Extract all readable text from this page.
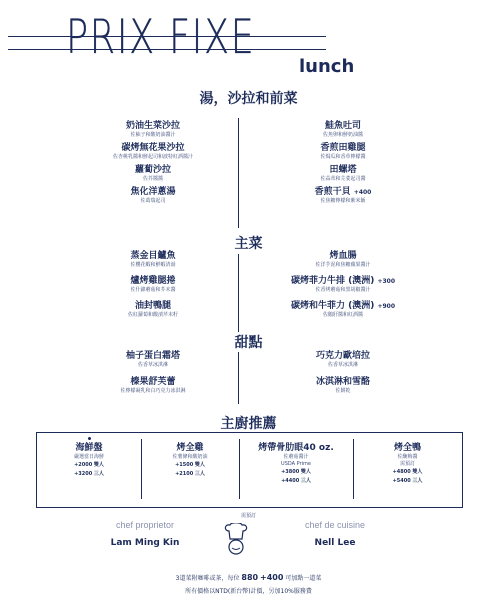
PRIX FIXE
lunch
湯，沙拉和前菜
奶油生菜沙拉
佐柚子和酸奶油醬汁
碳烤無花果沙拉
佐杏桃乳醬和鮮起司和波特紅酒醬汁
蘿蔔沙拉
佐芥醬醬
焦化洋蔥湯
佐葛瑞起司
鮭魚吐司
佐魚卵和鮮奶油醬
香煎田雞腿
佐焗瓜和香草檸檬醬
田螺塔
佐蒜茸和芫荽起司醬
香煎干貝 +400
佐焦糖檸檬和紫米飯
主菜
蒸金目鱸魚
佐櫻花蝦和鮮蝦清湯
爐烤雞腿捲
佐什錦蘑菇和芥末醬
油封鴨腿
佐紅蘿蔔和酸漬芹末籽
烤血腸
佐洋芋泥和焦糖蘋果醬汁
碳烤菲力牛排 (澳洲) +300
佐香烤蘑菇和黑胡椒醬汁
碳烤和牛菲力 (澳洲) +900
佐鵝肝醬和紅酒醬
甜點
柚子蛋白霜塔
佐香草冰淇淋
榛果舒芙蕾
佐檸檬凝乳和白巧克力冰淇淋
巧克力歐培拉
佐香草冰淇淋
冰淇淋和雪酪
佐餅乾
主廚推薦
海鮮盤
嚴選當日海鮮
+2000 雙人
+3200 三人
烤全雞
佐薯條和酸奶油
+1500 雙人
+2100 三人
烤帶骨肋眼40 oz.
佐蘑菇醬汁
USDA Prime
+3800 雙人
+4400 三人
烤全鴨
佐醃梅醬
需預訂
+4800 雙人
+5400 三人
需預訂
chef proprietor
Lam Ming Kin
chef de cuisine
Nell Lee
3道菜附咖啡或茶，每位 880 +400 可加點一道菜
所有價格以NTD(新台幣)計價，另加10%服務費
